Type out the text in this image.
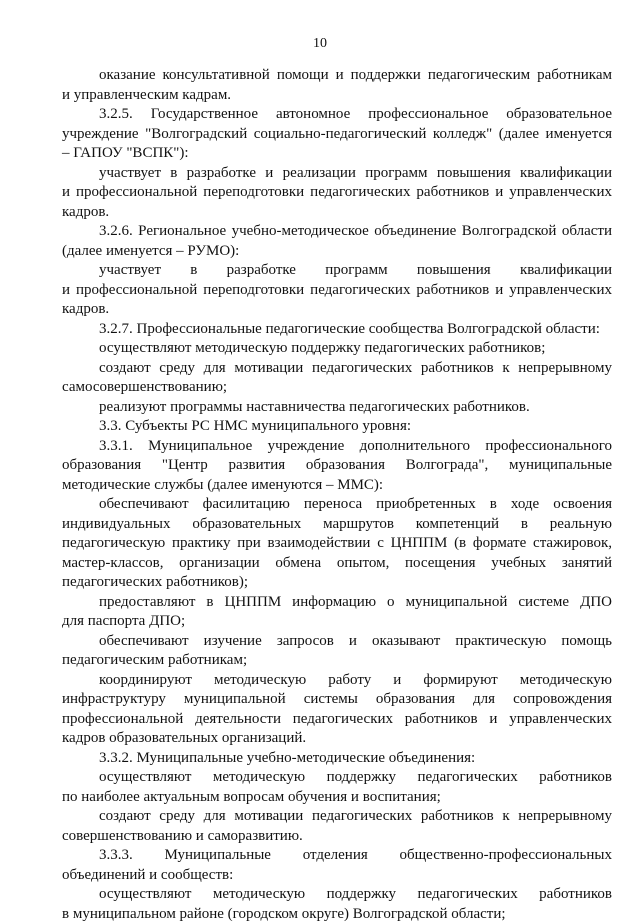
10
оказание консультативной помощи и поддержки педагогическим работникам
и управленческим кадрам.
3.2.5. Государственное автономное профессиональное образовательное
учреждение "Волгоградский социально-педагогический колледж" (далее именуется
– ГАПОУ "ВСПК"):
участвует в разработке и реализации программ повышения квалификации
и профессиональной переподготовки педагогических работников и управленческих
кадров.
3.2.6. Региональное учебно-методическое объединение Волгоградской области
(далее именуется – РУМО):
участвует в разработке программ повышения квалификации
и профессиональной переподготовки педагогических работников и управленческих
кадров.
3.2.7. Профессиональные педагогические сообщества Волгоградской области:
осуществляют методическую поддержку педагогических работников;
создают среду для мотивации педагогических работников к непрерывному
самосовершенствованию;
реализуют программы наставничества педагогических работников.
3.3. Субъекты РС НМС муниципального уровня:
3.3.1. Муниципальное учреждение дополнительного профессионального
образования "Центр развития образования Волгограда", муниципальные
методические службы (далее именуются – ММС):
обеспечивают фасилитацию переноса приобретенных в ходе освоения
индивидуальных образовательных маршрутов компетенций в реальную
педагогическую практику при взаимодействии с ЦНППМ (в формате стажировок,
мастер-классов, организации обмена опытом, посещения учебных занятий
педагогических работников);
предоставляют в ЦНППМ информацию о муниципальной системе ДПО
для паспорта ДПО;
обеспечивают изучение запросов и оказывают практическую помощь
педагогическим работникам;
координируют методическую работу и формируют методическую
инфраструктуру муниципальной системы образования для сопровождения
профессиональной деятельности педагогических работников и управленческих
кадров образовательных организаций.
3.3.2. Муниципальные учебно-методические объединения:
осуществляют методическую поддержку педагогических работников
по наиболее актуальным вопросам обучения и воспитания;
создают среду для мотивации педагогических работников к непрерывному
совершенствованию и саморазвитию.
3.3.3. Муниципальные отделения общественно-профессиональных
объединений и сообществ:
осуществляют методическую поддержку педагогических работников
в муниципальном районе (городском округе) Волгоградской области;
